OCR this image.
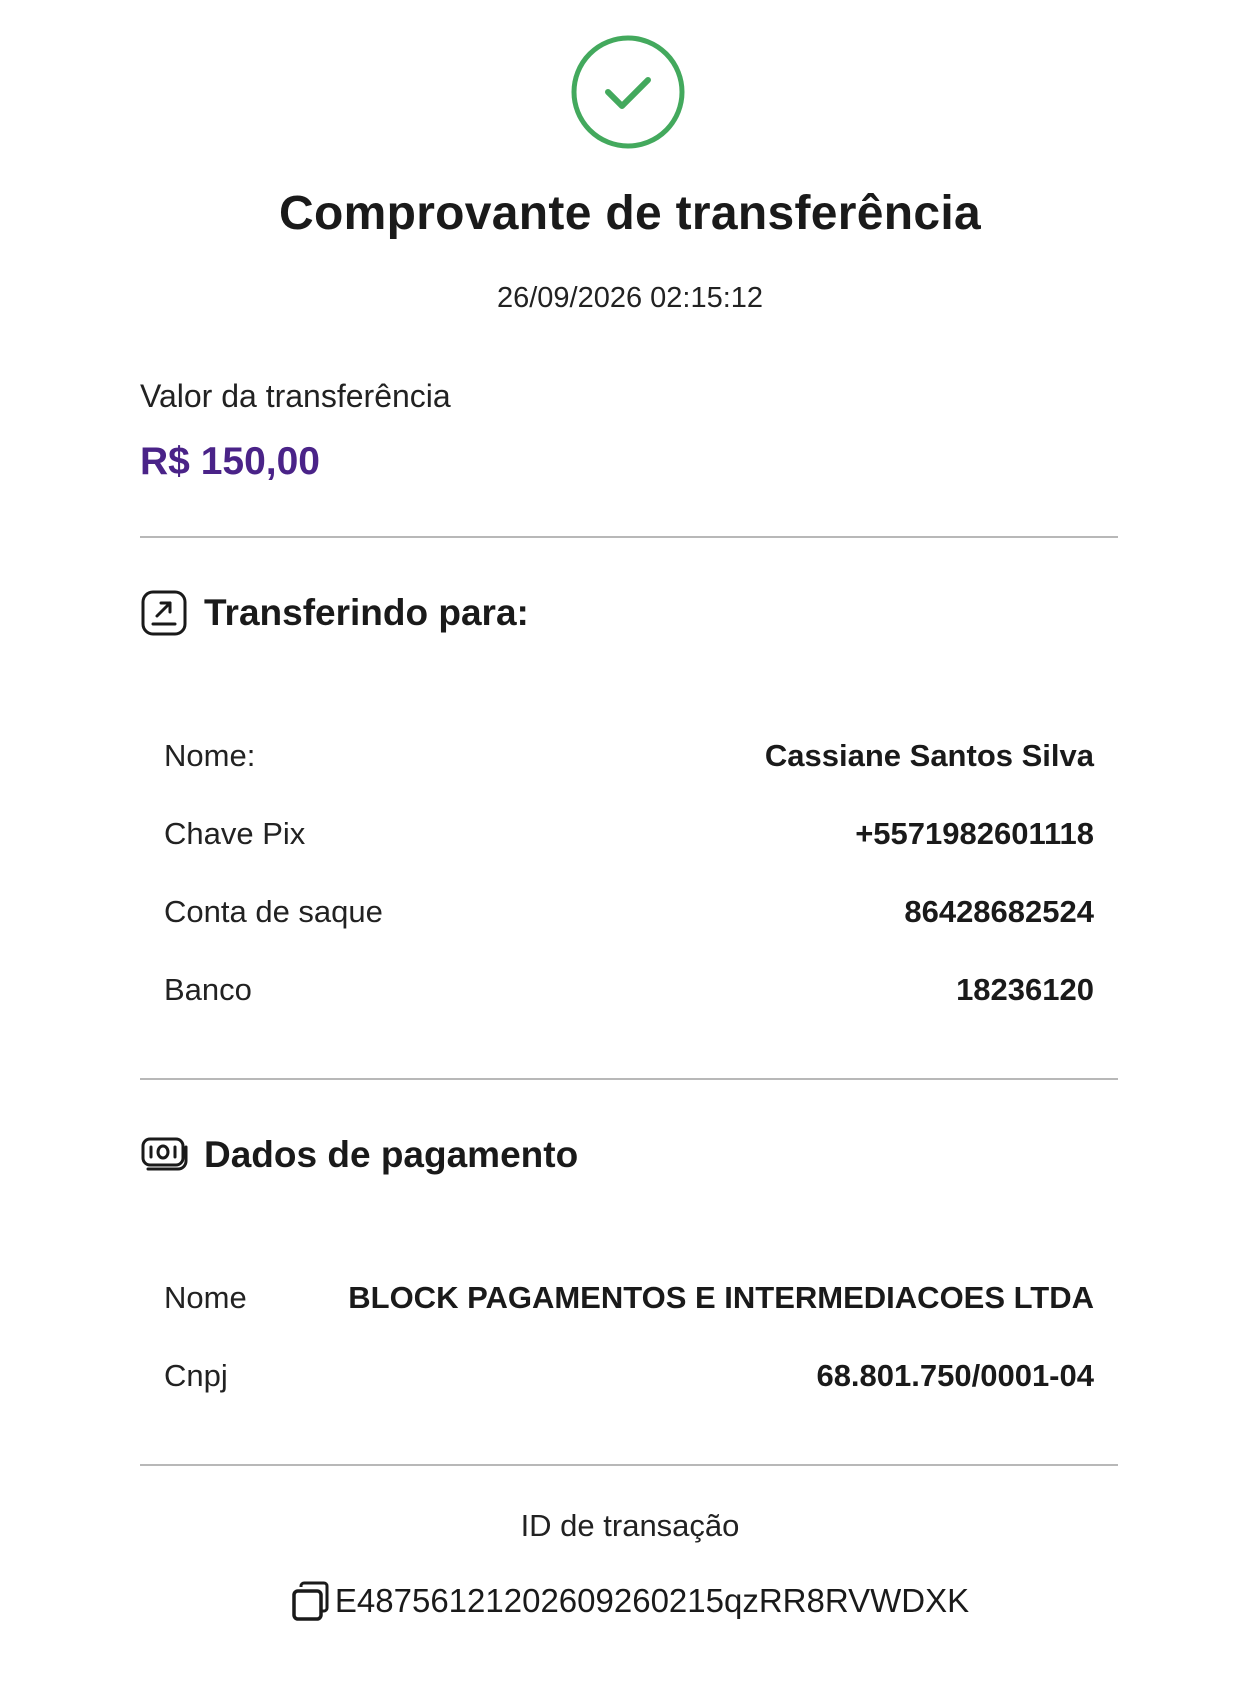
Comprovante de transferência
26/09/2026 02:15:12
Valor da transferência
R$ 150,00
Transferindo para:
Nome:	Cassiane Santos Silva
Chave Pix	+5571982601118
Conta de saque	86428682524
Banco	18236120
Dados de pagamento
Nome	BLOCK PAGAMENTOS E INTERMEDIACOES LTDA
Cnpj	68.801.750/0001-04
ID de transação
E48756121202609260215qzRR8RVWDXK
